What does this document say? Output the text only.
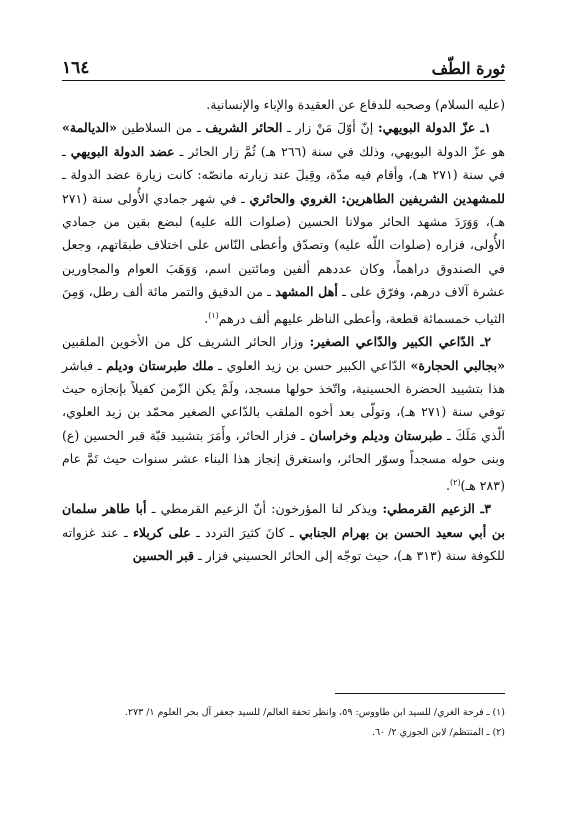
ثورة الطّف
١٦٤

(عليه السلام) وصحبه للدفاع عن العقيدة والإباء والإنسانية.

١ـ عزّ الدولة البويهي: إنّ أوّلَ مَنْ زار ـ الحائر الشريف ـ من السلاطين «الديالمة» هو عزّ الدولة البويهي، وذلك في سنة (٢٦٦ هـ) ثُمَّ زار الحائر ـ عضد الدولة البويهي ـ في سنة (٢٧١ هـ)، وأقام فيه مدّة، وقِيلَ عند زيارته مانصّه: كانت زيارة عضد الدولة ـ للمشهدين الشريفين الطاهرين: الغروي والحائري ـ في شهر جمادي الأُولى سنة (٢٧١ هـ)، وَوَرَدَ مشهد الحائر مولانا الحسين (صلوات الله عليه) لبضع بقين من جمادي الأُولى، فزاره (صلوات اللّه عليه) وتصدّق وأعطى النّاس على اختلاف طبقاتهم، وجعل في الصندوق دراهماً، وكان عددهم ألفين ومائتين اسم، وَوَهَبَ العوام والمجاورين عشرة آلاف درهم، وفرّق على ـ أهل المشهد ـ من الدقيق والتمر مائة ألف رطل، وَمِنَ الثياب خمسمائة قطعة، وأعطى الناظر عليهم ألف درهم$^{(١)}$.

٢ـ الدّاعي الكبير والدّاعي الصغير: وزار الحائر الشريف كل من الأخوين الملقبين «بجالبي الحجارة» الدّاعي الكبير حسن بن زيد العلوي ـ ملك طبرستان وديلم ـ فباشر هذا بتشييد الحضرة الحسينية، واتّخذ حولها مسجد، ولَمْ يكن الزّمن كفيلاً بإنجازه حيث توفي سنة (٢٧١ هـ)، وتولّى بعد أخوه الملقب بالدّاعي الصغير محمّد بن زيد العلوي، الّذي مَلَكَ ـ طبرستان وديلم وخراسان ـ فزار الحائر، وأَمَرَ بتشييد قبّة قبر الحسين (ع) وبنى حوله مسجداً وسوّر الحائر، واستغرق إنجاز هذا البناء عشر سنوات حيث تَمَّ عام (٢٨٣ هـ)$^{(٢)}$.

٣ـ الزعيم القرمطي: ويذكر لنا المؤرخون: أنّ الزعيم القرمطي ـ أبا طاهر سلمان بن أبي سعيد الحسن بن بهرام الجنابي ـ كانَ كثيرَ التردد ـ على كربلاء ـ عند غزواته للكوفة سنة (٣١٣ هـ)، حيث توجّه إلى الحائر الحسيني فزار ـ قبر الحسين

(١) ـ فرحة الغري/ للسيد ابن طاووس: ٥٩، وانظر تحفة العالم/ للسيد جعفر آل بحر العلوم ١/ ٢٧٣.

(٢) ـ المنتظم/ لابن الجوزي ٢/ ٦٠.
